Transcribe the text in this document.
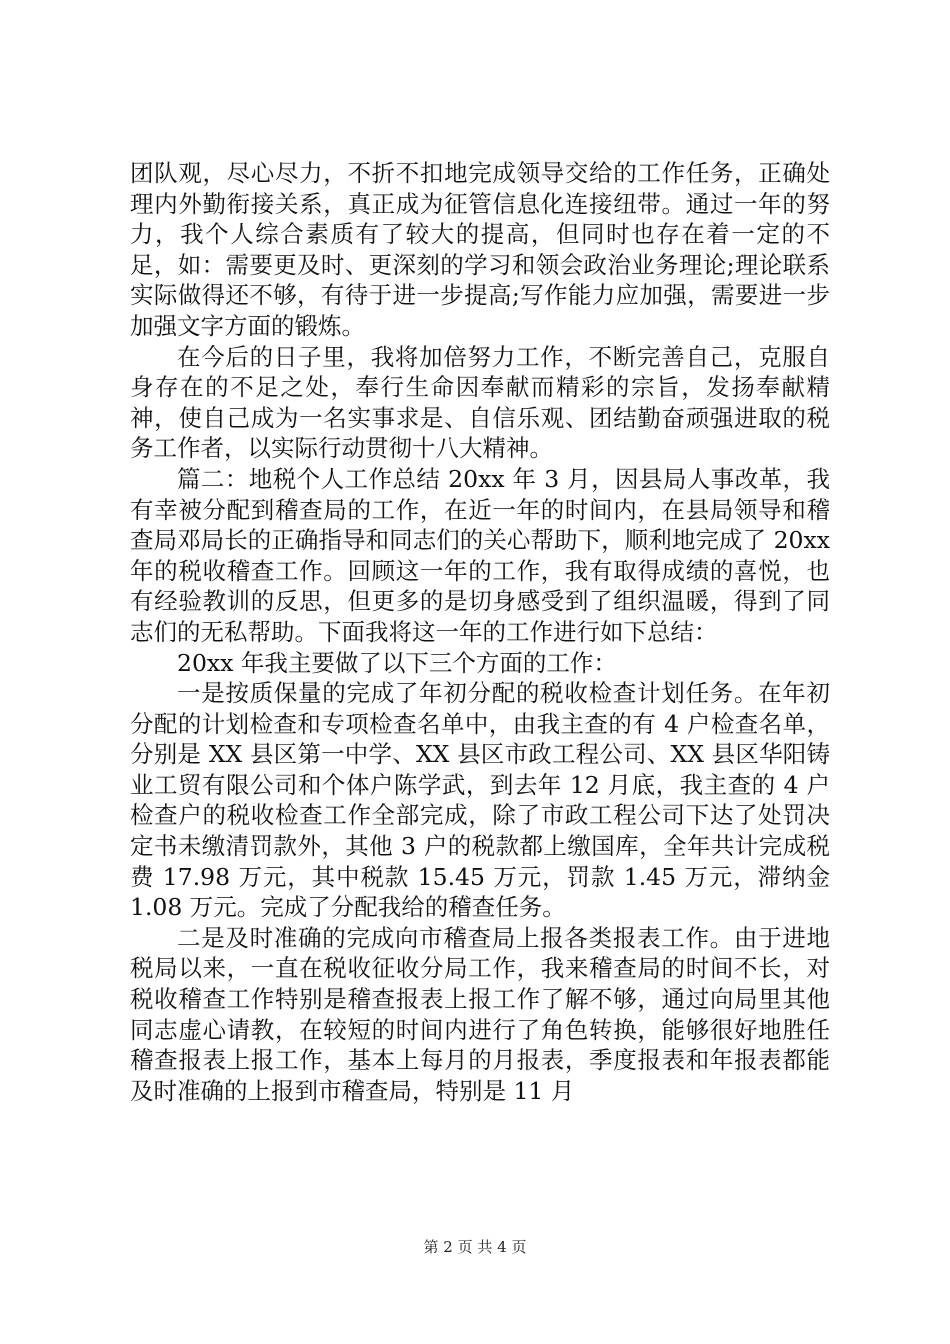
团队观，尽心尽力，不折不扣地完成领导交给的工作任务，正确处理内外勤衔接关系，真正成为征管信息化连接纽带。通过一年的努力，我个人综合素质有了较大的提高，但同时也存在着一定的不足，如：需要更及时、更深刻的学习和领会政治业务理论;理论联系实际做得还不够，有待于进一步提高;写作能力应加强，需要进一步加强文字方面的锻炼。

在今后的日子里，我将加倍努力工作，不断完善自己，克服自身存在的不足之处，奉行生命因奉献而精彩的宗旨，发扬奉献精神，使自己成为一名实事求是、自信乐观、团结勤奋顽强进取的税务工作者，以实际行动贯彻十八大精神。

篇二：地税个人工作总结 20xx 年 3 月，因县局人事改革，我有幸被分配到稽查局的工作，在近一年的时间内，在县局领导和稽查局邓局长的正确指导和同志们的关心帮助下，顺利地完成了 20xx 年的税收稽查工作。回顾这一年的工作，我有取得成绩的喜悦，也有经验教训的反思，但更多的是切身感受到了组织温暖，得到了同志们的无私帮助。下面我将这一年的工作进行如下总结：

20xx 年我主要做了以下三个方面的工作：

一是按质保量的完成了年初分配的税收检查计划任务。在年初分配的计划检查和专项检查名单中，由我主查的有 4 户检查名单，分别是 XX 县区第一中学、XX 县区市政工程公司、XX 县区华阳铸业工贸有限公司和个体户陈学武，到去年 12 月底，我主查的 4 户检查户的税收检查工作全部完成，除了市政工程公司下达了处罚决定书未缴清罚款外，其他 3 户的税款都上缴国库，全年共计完成税费 17.98 万元，其中税款 15.45 万元，罚款 1.45 万元，滞纳金 1.08 万元。完成了分配我给的稽查任务。

二是及时准确的完成向市稽查局上报各类报表工作。由于进地税局以来，一直在税收征收分局工作，我来稽查局的时间不长，对税收稽查工作特别是稽查报表上报工作了解不够，通过向局里其他同志虚心请教，在较短的时间内进行了角色转换，能够很好地胜任稽查报表上报工作，基本上每月的月报表，季度报表和年报表都能及时准确的上报到市稽查局，特别是 11 月

第 2 页 共 4 页
